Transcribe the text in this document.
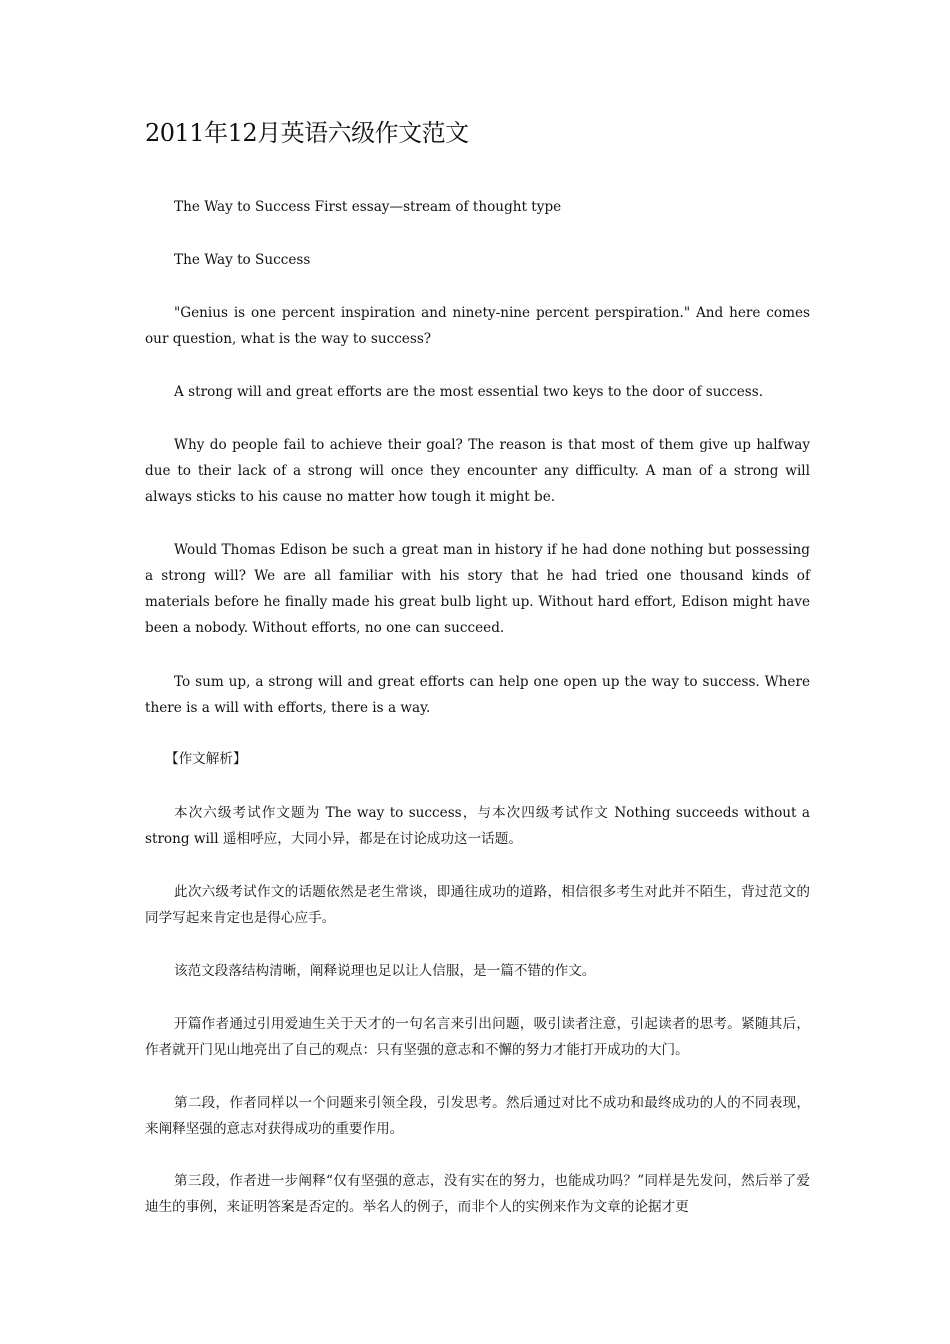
2011年12月英语六级作文范文

The Way to Success First essay—stream of thought type

The Way to Success

"Genius is one percent inspiration and ninety-nine percent perspiration." And here comes our question, what is the way to success?

A strong will and great efforts are the most essential two keys to the door of success.

Why do people fail to achieve their goal? The reason is that most of them give up halfway due to their lack of a strong will once they encounter any difficulty. A man of a strong will always sticks to his cause no matter how tough it might be.

Would Thomas Edison be such a great man in history if he had done nothing but possessing a strong will? We are all familiar with his story that he had tried one thousand kinds of materials before he finally made his great bulb light up. Without hard effort, Edison might have been a nobody. Without efforts, no one can succeed.

To sum up, a strong will and great efforts can help one open up the way to success. Where there is a will with efforts, there is a way.

【作文解析】

本次六级考试作文题为 The way to success，与本次四级考试作文 Nothing succeeds without a strong will 遥相呼应，大同小异，都是在讨论成功这一话题。

此次六级考试作文的话题依然是老生常谈，即通往成功的道路，相信很多考生对此并不陌生，背过范文的同学写起来肯定也是得心应手。

该范文段落结构清晰，阐释说理也足以让人信服，是一篇不错的作文。

开篇作者通过引用爱迪生关于天才的一句名言来引出问题，吸引读者注意，引起读者的思考。紧随其后，作者就开门见山地亮出了自己的观点：只有坚强的意志和不懈的努力才能打开成功的大门。

第二段，作者同样以一个问题来引领全段，引发思考。然后通过对比不成功和最终成功的人的不同表现，来阐释坚强的意志对获得成功的重要作用。

第三段，作者进一步阐释“仅有坚强的意志，没有实在的努力，也能成功吗？”同样是先发问，然后举了爱迪生的事例，来证明答案是否定的。举名人的例子，而非个人的实例来作为文章的论据才更
